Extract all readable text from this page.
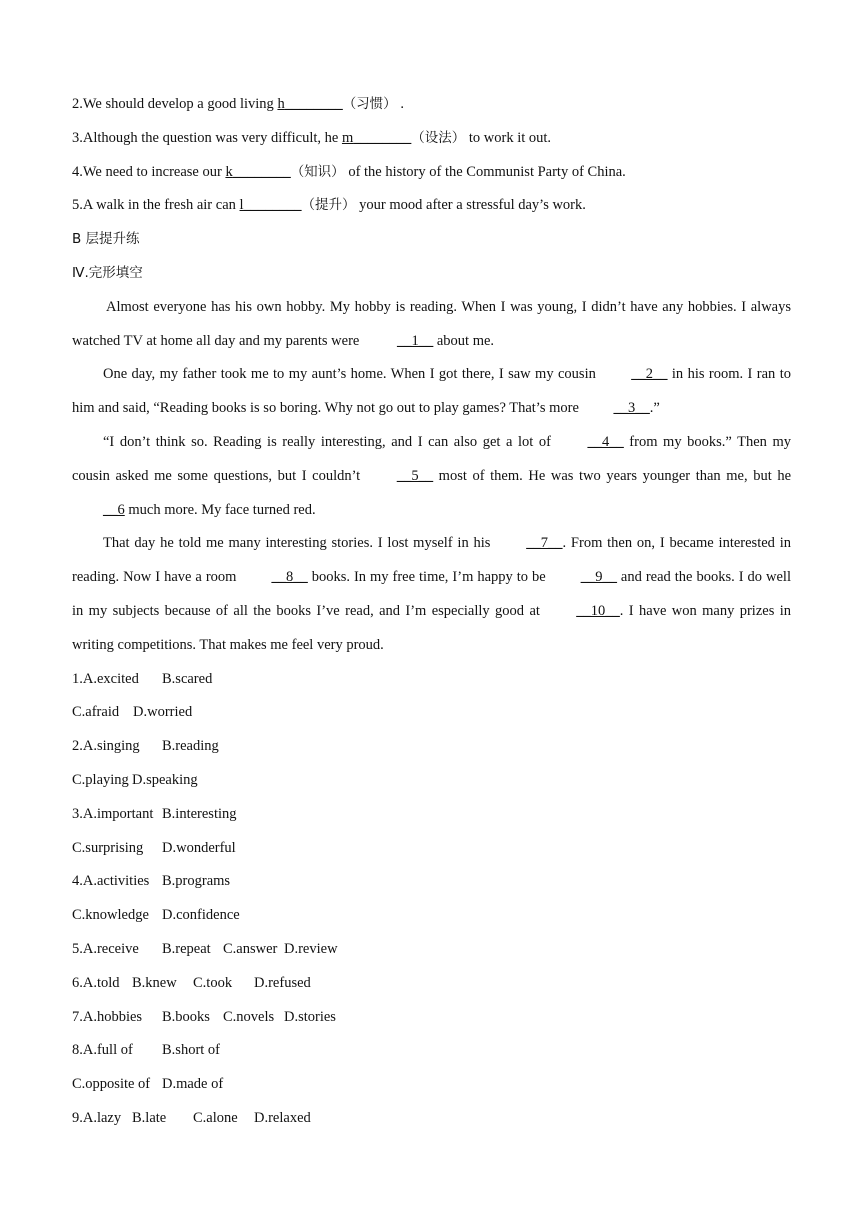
2.We should develop a good living h________（习惯） .
3.Although the question was very difficult, he m________（设法） to work it out.
4.We need to increase our k________（知识） of the history of the Communist Party of China.
5.A walk in the fresh air can l________（提升） your mood after a stressful day’s work.
B 层提升练
Ⅳ.完形填空
Almost everyone has his own hobby. My hobby is reading. When I was young, I didn’t have any hobbies. I always watched TV at home all day and my parents were __1__ about me.
One day, my father took me to my aunt’s home. When I got there, I saw my cousin __2__ in his room. I ran to him and said, “Reading books is so boring. Why not go out to play games? That’s more __3__.”
“I don’t think so. Reading is really interesting, and I can also get a lot of __4__ from my books.” Then my cousin asked me some questions, but I couldn’t __5__ most of them. He was two years younger than me, but he __6 much more. My face turned red.
That day he told me many interesting stories. I lost myself in his __7__. From then on, I became interested in reading. Now I have a room __8__ books. In my free time, I’m happy to be __9__ and read the books. I do well in my subjects because of all the books I’ve read, and I’m especially good at __10__. I have won many prizes in writing competitions. That makes me feel very proud.
1.A.excited B.scared
C.afraid D.worried
2.A.singing B.reading
C.playing D.speaking
3.A.important B.interesting
C.surprising D.wonderful
4.A.activities B.programs
C.knowledge D.confidence
5.A.receive B.repeat C.answer D.review
6.A.told B.knew C.took D.refused
7.A.hobbies B.books C.novels D.stories
8.A.full of B.short of
C.opposite of D.made of
9.A.lazy B.late C.alone D.relaxed
